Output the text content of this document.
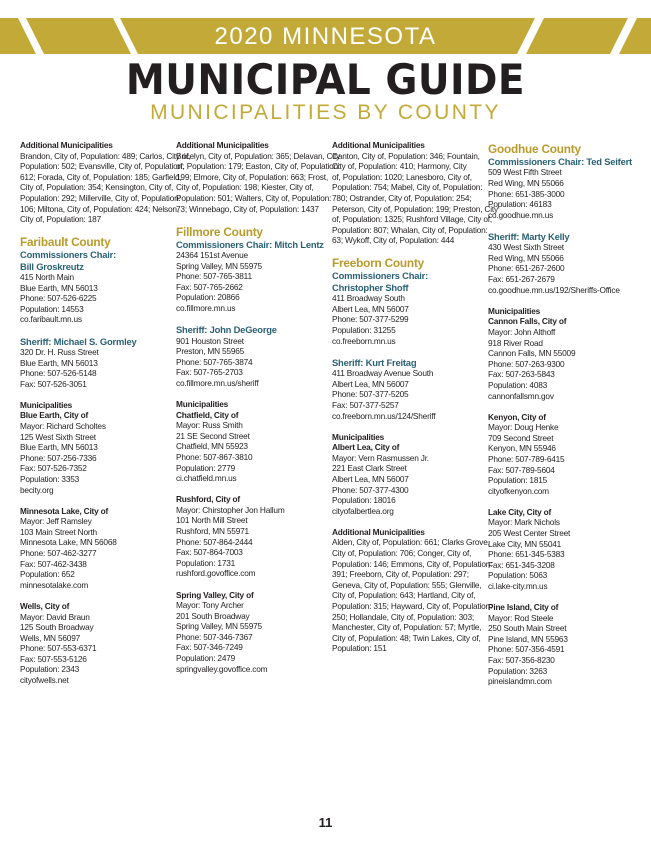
2020 MINNESOTA
MUNICIPAL GUIDE
MUNICIPALITIES BY COUNTY
Additional Municipalities
Brandon, City of, Population: 489; Carlos, City of,
Population: 502; Evansville, City of, Population:
612; Forada, City of, Population: 185; Garfield,
City of, Population: 354; Kensington, City of,
Population: 292; Millerville, City of, Population:
106; Miltona, City of, Population: 424; Nelson,
City of, Population: 187
Faribault County
Commissioners Chair:
Bill Groskreutz
415 North Main
Blue Earth, MN 56013
Phone: 507-526-6225
Population: 14553
co.faribault.mn.us
Sheriff: Michael S. Gormley
320 Dr. H. Russ Street
Blue Earth, MN 56013
Phone: 507-526-5148
Fax: 507-526-3051
Municipalities
Blue Earth, City of
Mayor: Richard Scholtes
125 West Sixth Street
Blue Earth, MN 56013
Phone: 507-256-7336
Fax: 507-526-7352
Population: 3353
becity.org
Minnesota Lake, City of
Mayor: Jeff Ramsley
103 Main Street North
Minnesota Lake, MN 56068
Phone: 507-462-3277
Fax: 507-462-3438
Population: 652
minnesotalake.com
Wells, City of
Mayor: David Braun
125 South Broadway
Wells, MN 56097
Phone: 507-553-6371
Fax: 507-553-5126
Population: 2343
cityofwells.net
Additional Municipalities
Bricelyn, City of, Population: 365; Delavan, City
of, Population: 179; Easton, City of, Population:
199; Elmore, City of, Population: 663; Frost,
City of, Population: 198; Kiester, City of,
Population: 501; Walters, City of, Population:
73; Winnebago, City of, Population: 1437
Fillmore County
Commissioners Chair: Mitch Lentz
24364 151st Avenue
Spring Valley, MN 55975
Phone: 507-765-3811
Fax: 507-765-2662
Population: 20866
co.fillmore.mn.us
Sheriff: John DeGeorge
901 Houston Street
Preston, MN 55965
Phone: 507-765-3874
Fax: 507-765-2703
co.fillmore.mn.us/sheriff
Municipalities
Chatfield, City of
Mayor: Russ Smith
21 SE Second Street
Chatfield, MN 55923
Phone: 507-867-3810
Population: 2779
ci.chatfield.mn.us
Rushford, City of
Mayor: Chirstopher Jon Hallum
101 North Mill Street
Rushford, MN 55971
Phone: 507-864-2444
Fax: 507-864-7003
Population: 1731
rushford.govoffice.com
Spring Valley, City of
Mayor: Tony Archer
201 South Broadway
Spring Valley, MN 55975
Phone: 507-346-7367
Fax: 507-346-7249
Population: 2479
springvalley.govoffice.com
Additional Municipalities
Canton, City of, Population: 346; Fountain,
City of, Population: 410; Harmony, City
of, Population: 1020; Lanesboro, City of,
Population: 754; Mabel, City of, Population:
780; Ostrander, City of, Population: 254;
Peterson, City of, Population: 199; Preston, City
of, Population: 1325; Rushford Village, City of,
Population: 807; Whalan, City of, Population:
63; Wykoff, City of, Population: 444
Freeborn County
Commissioners Chair:
Christopher Shoff
411 Broadway South
Albert Lea, MN 56007
Phone: 507-377-5299
Population: 31255
co.freeborn.mn.us
Sheriff: Kurt Freitag
411 Broadway Avenue South
Albert Lea, MN 56007
Phone: 507-377-5205
Fax: 507-377-5257
co.freeborn.mn.us/124/Sheriff
Municipalities
Albert Lea, City of
Mayor: Vern Rasmussen Jr.
221 East Clark Street
Albert Lea, MN 56007
Phone: 507-377-4300
Population: 18016
cityofalbertlea.org
Additional Municipalities
Alden, City of, Population: 661; Clarks Grove,
City of, Population: 706; Conger, City of,
Population: 146; Emmons, City of, Population:
391; Freeborn, City of, Population: 297;
Geneva, City of, Population: 555; Glenville,
City of, Population: 643; Hartland, City of,
Population: 315; Hayward, City of, Population:
250; Hollandale, City of, Population: 303;
Manchester, City of, Population: 57; Myrtle,
City of, Population: 48; Twin Lakes, City of,
Population: 151
Goodhue County
Commissioners Chair: Ted Seifert
509 West Fifth Street
Red Wing, MN 55066
Phone: 651-385-3000
Population: 46183
co.goodhue.mn.us
Sheriff: Marty Kelly
430 West Sixth Street
Red Wing, MN 55066
Phone: 651-267-2600
Fax: 651-267-2679
co.goodhue.mn.us/192/Sheriffs-Office
Municipalities
Cannon Falls, City of
Mayor: John Althoff
918 River Road
Cannon Falls, MN 55009
Phone: 507-263-9300
Fax: 507-263-5843
Population: 4083
cannonfallsmn.gov
Kenyon, City of
Mayor: Doug Henke
709 Second Street
Kenyon, MN 55946
Phone: 507-789-6415
Fax: 507-789-5604
Population: 1815
cityofkenyon.com
Lake City, City of
Mayor: Mark Nichols
205 West Center Street
Lake City, MN 55041
Phone: 651-345-5383
Fax: 651-345-3208
Population: 5063
ci.lake-city.mn.us
Pine Island, City of
Mayor: Rod Steele
250 South Main Street
Pine Island, MN 55963
Phone: 507-356-4591
Fax: 507-356-8230
Population: 3263
pineislandmn.com
11
